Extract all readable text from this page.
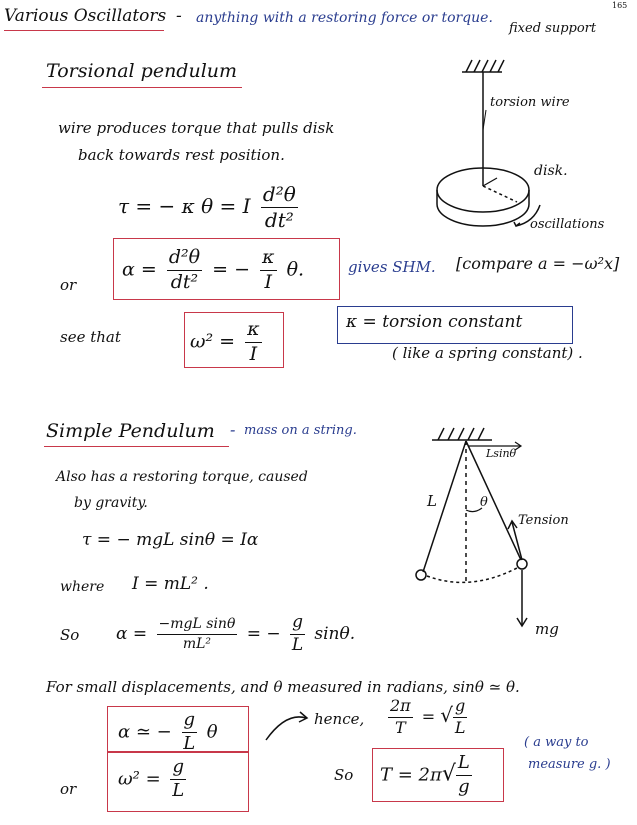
165
Various Oscillators - anything with a restoring force or torque.
Torsional pendulum
wire produces torque that pulls disk
back towards rest position.
τ = − κ θ = I $\frac{\text{d²θ}}{\text{dt²}}$
or
$\alpha = \frac{\text{d²θ}}{\text{dt²}}$ = − $\frac{\kappa}{I} \theta$.	gives SHM. [compare a = −ω²x]
see that	$\omega^2 = \frac{\kappa}{I}$	κ = torsion constant
( like a spring constant) .
fixed support
torsion wire
disk.
oscillations
Simple Pendulum - mass on a string.
Also has a restoring torque, caused
by gravity.
τ = − mgL sinθ = Iα
where I = mL² .
So $\alpha = \frac{\text{−mgL sinθ}}{\text{mL²}}$ = − $\frac{g}{L} \sin\theta$.
For small displacements, and θ measured in radians, sinθ ≃ θ.
α ≃ − $\frac{g}{L}$ θ
or $\omega^2 = \frac{g}{L}$
hence, $\frac{2\pi}{T}$ = √ $\frac{g}{L}$
So $T = 2\pi√ \frac{L}{g}$
( a way to
measure g. )
Lsinθ
L	θ
Tension
mg
